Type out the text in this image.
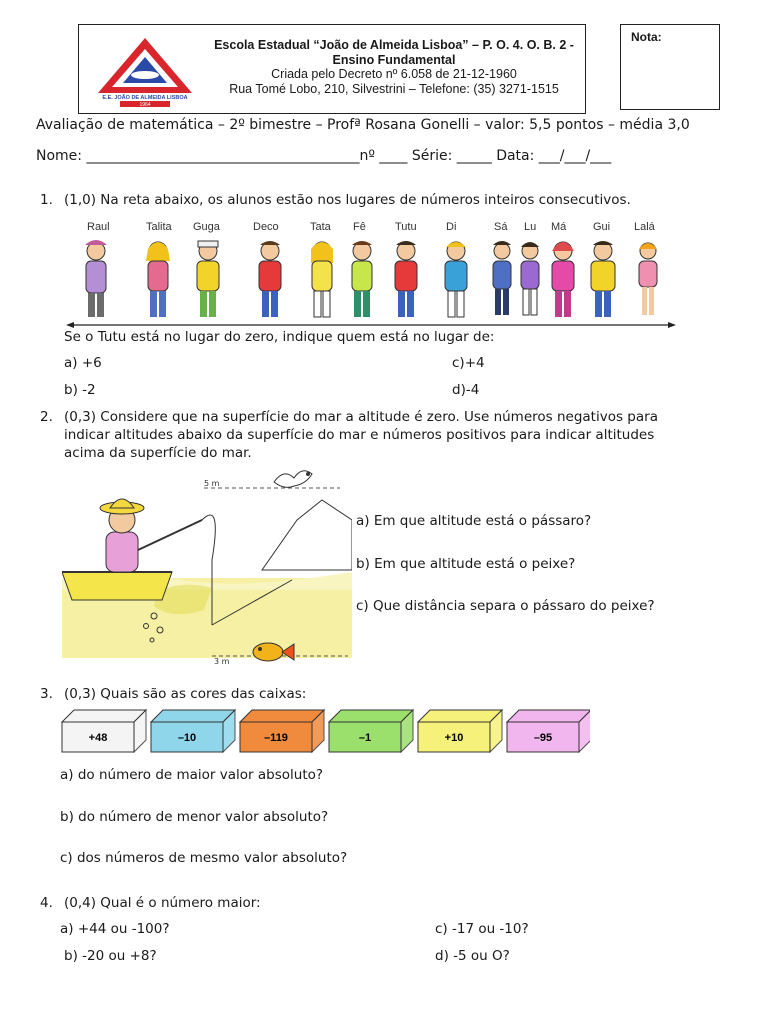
E.E. JOÃO DE ALMEIDA LISBOA
1964
Escola Estadual “João de Almeida Lisboa” – P. O. 4. O. B. 2 -
Ensino Fundamental
Criada pelo Decreto nº 6.058 de 21-12-1960
Rua Tomé Lobo, 210, Silvestrini – Telefone: (35) 3271-1515
Nota:
Avaliação de matemática – 2º bimestre – Profª Rosana Gonelli – valor: 5,5 pontos – média 3,0
Nome: _______________________________________nº ____ Série: _____ Data: ___/___/___
1. (1,0) Na reta abaixo, os alunos estão nos lugares de números inteiros consecutivos.
Raul	Talita Guga	Deco	Tata Fê	Tutu	Di	Sá Lu Má Gui Lalá
Se o Tutu está no lugar do zero, indique quem está no lugar de:
a) +6	c)+4
b) -2	d)-4
2. (0,3) Considere que na superfície do mar a altitude é zero. Use números negativos para
indicar altitudes abaixo da superfície do mar e números positivos para indicar altitudes
acima da superfície do mar.
5 m
3 m
a) Em que altitude está o pássaro?
b) Em que altitude está o peixe?
c) Que distância separa o pássaro do peixe?
3. (0,3) Quais são as cores das caixas:
+48	–10	–119	–1	+10	–95
a) do número de maior valor absoluto?
b) do número de menor valor absoluto?
c) dos números de mesmo valor absoluto?
4. (0,4) Qual é o número maior:
a) +44 ou -100?	c) -17 ou -10?
b) -20 ou +8?	d) -5 ou O?
